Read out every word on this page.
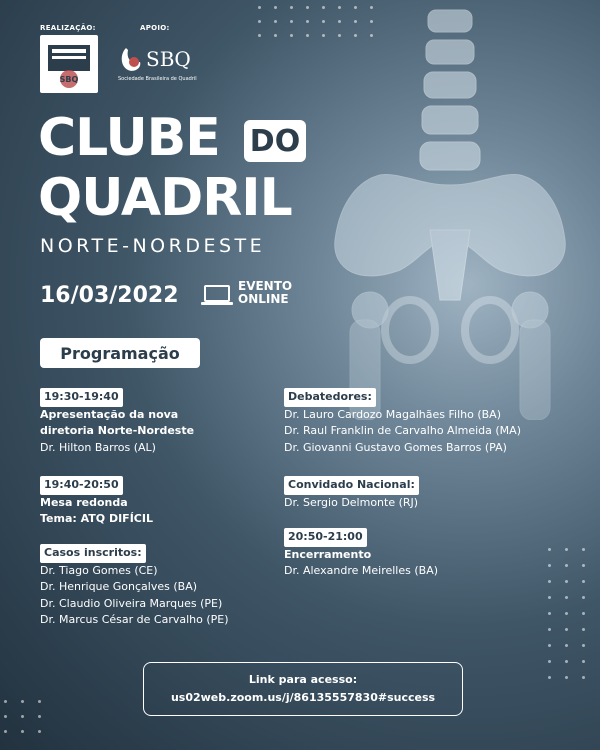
REALIZAÇÃO:
SBQ
APOIO:
SBQ
Sociedade Brasileira de Quadril
CLUBE DO
QUADRIL
NORTE-NORDESTE
16/03/2022	EVENTO
ONLINE
Programação
19:30-19:40
Apresentação da nova
diretoria Norte-Nordeste
Dr. Hilton Barros (AL)
19:40-20:50
Mesa redonda
Tema: ATQ DIFÍCIL
Casos inscritos:
Dr. Tiago Gomes (CE)
Dr. Henrique Gonçalves (BA)
Dr. Claudio Oliveira Marques (PE)
Dr. Marcus César de Carvalho (PE)
Debatedores:
Dr. Lauro Cardozo Magalhães Filho (BA)
Dr. Raul Franklin de Carvalho Almeida (MA)
Dr. Giovanni Gustavo Gomes Barros (PA)
Convidado Nacional:
Dr. Sergio Delmonte (RJ)
20:50-21:00
Encerramento
Dr. Alexandre Meirelles (BA)
Link para acesso:
us02web.zoom.us/j/86135557830#success
